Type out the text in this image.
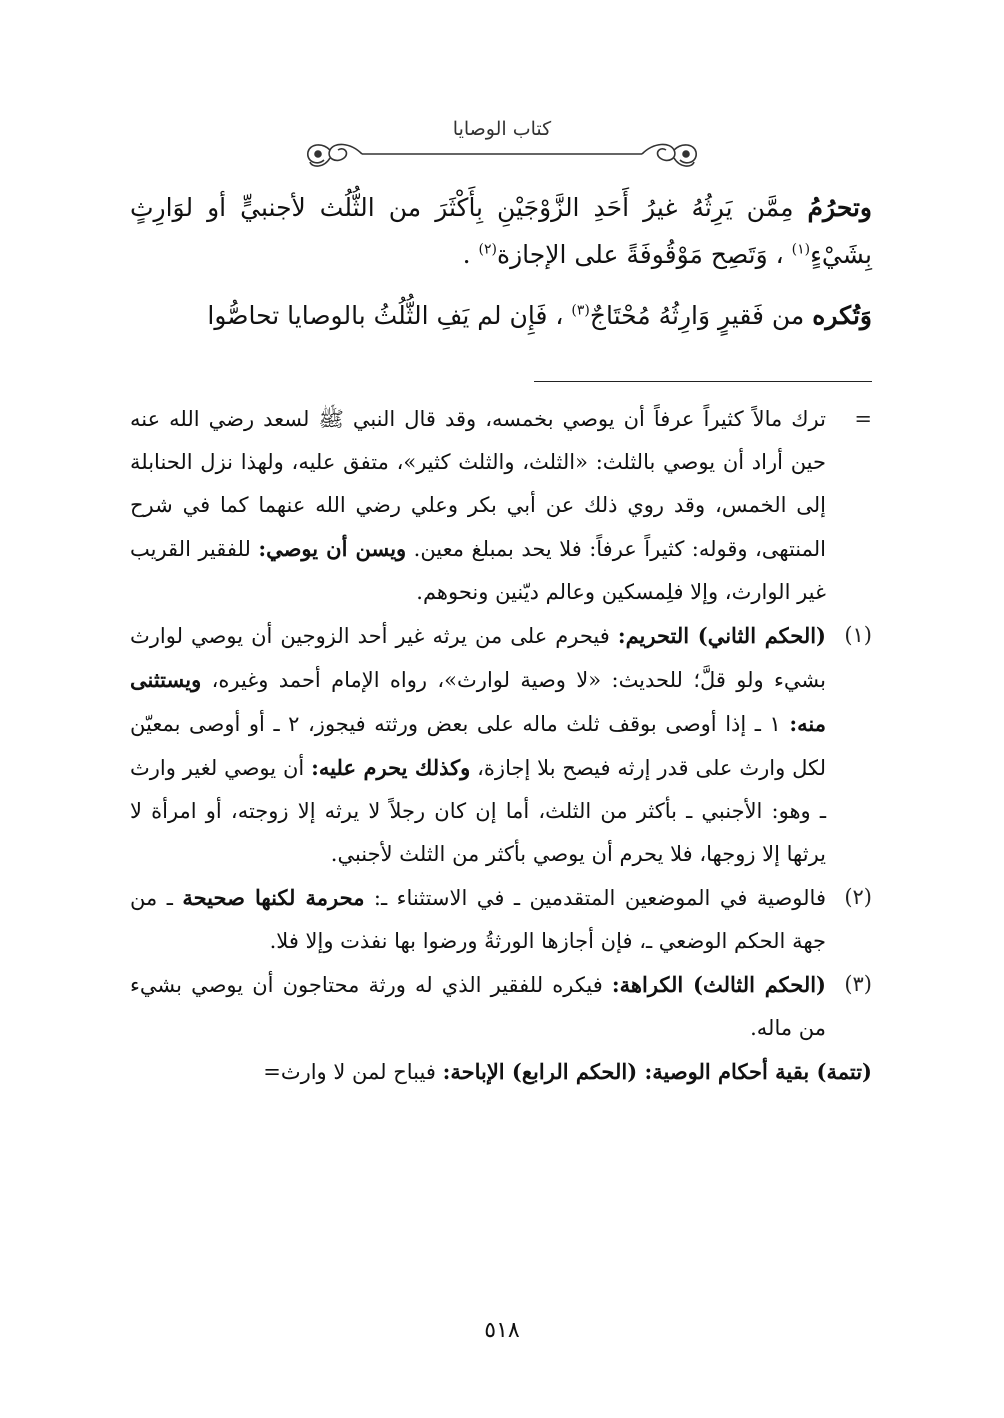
كتاب الوصايا

وتحرُمُ مِمَّن يَرِثُهُ غيرُ أَحَدِ الزَّوْجَيْنِ بِأَكْثَرَ من الثُّلُث لأجنبيٍّ أو لوَارِثٍ بِشَيْءٍ$^{(١)}$ ، وَتَصِح مَوْقُوفَةً على الإجازة$^{(٢)}$ .

وَتُكره من فَقيرٍ وَارِثُهُ مُحْتَاجٌ$^{(٣)}$ ، فَإِن لم يَفِ الثُّلُثُ بالوصايا تحاصُّوا

=
ترك مالاً كثيراً عرفاً أن يوصي بخمسه، وقد قال النبي ﷺ لسعد رضي الله عنه حين أراد أن يوصي بالثلث: «الثلث، والثلث كثير»، متفق عليه، ولهذا نزل الحنابلة إلى الخمس، وقد روي ذلك عن أبي بكر وعلي رضي الله عنهما كما في شرح المنتهى، وقوله: كثيراً عرفاً: فلا يحد بمبلغ معين. ويسن أن يوصي: للفقير القريب غير الوارث، وإلا فلِمسكين وعالم ديّنين ونحوهم.
(١)
(الحكم الثاني) التحريم: فيحرم على من يرثه غير أحد الزوجين أن يوصي لوارث بشيء ولو قلَّ؛ للحديث: «لا وصية لوارث»، رواه الإمام أحمد وغيره، ويستثنى منه: ١ ـ إذا أوصى بوقف ثلث ماله على بعض ورثته فيجوز، ٢ ـ أو أوصى بمعيّن لكل وارث على قدر إرثه فيصح بلا إجازة، وكذلك يحرم عليه: أن يوصي لغير وارث ـ وهو: الأجنبي ـ بأكثر من الثلث، أما إن كان رجلاً لا يرثه إلا زوجته، أو امرأة لا يرثها إلا زوجها، فلا يحرم أن يوصي بأكثر من الثلث لأجنبي.
(٢)
فالوصية في الموضعين المتقدمين ـ في الاستثناء ـ: محرمة لكنها صحيحة ـ من جهة الحكم الوضعي ـ، فإن أجازها الورثةُ ورضوا بها نفذت وإلا فلا.
(٣)
(الحكم الثالث) الكراهة: فيكره للفقير الذي له ورثة محتاجون أن يوصي بشيء من ماله.
(تتمة) بقية أحكام الوصية: (الحكم الرابع) الإباحة: فيباح لمن لا وارث=
٥١٨
